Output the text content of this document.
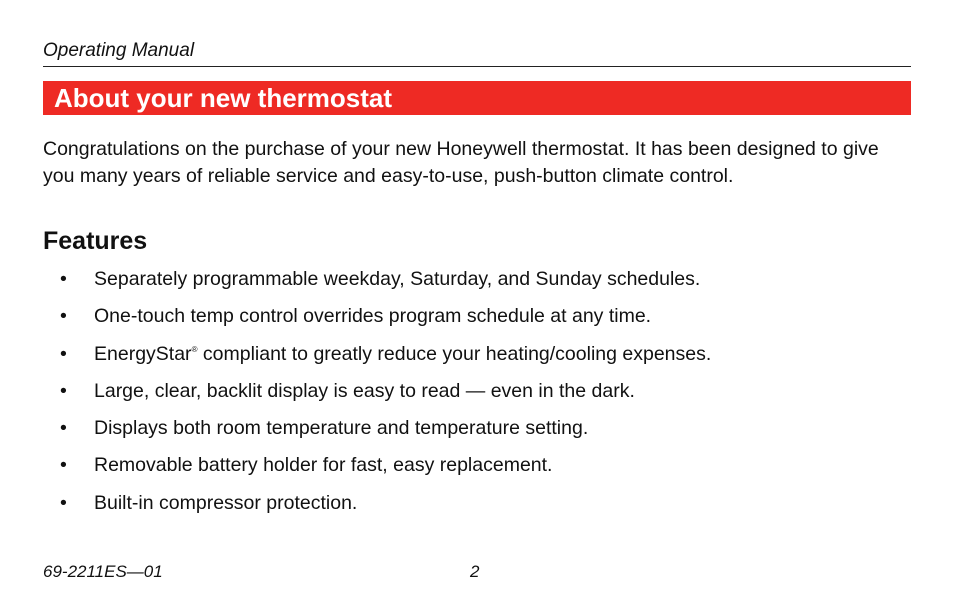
Operating Manual
About your new thermostat
Congratulations on the purchase of your new Honeywell thermostat. It has been designed to give you many years of reliable service and easy-to-use, push-button climate control.
Features
•	Separately programmable weekday, Saturday, and Sunday schedules.
•	One-touch temp control overrides program schedule at any time.
•	EnergyStar® compliant to greatly reduce your heating/cooling expenses.
•	Large, clear, backlit display is easy to read — even in the dark.
•	Displays both room temperature and temperature setting.
•	Removable battery holder for fast, easy replacement.
•	Built-in compressor protection.
69-2211ES—01	2
